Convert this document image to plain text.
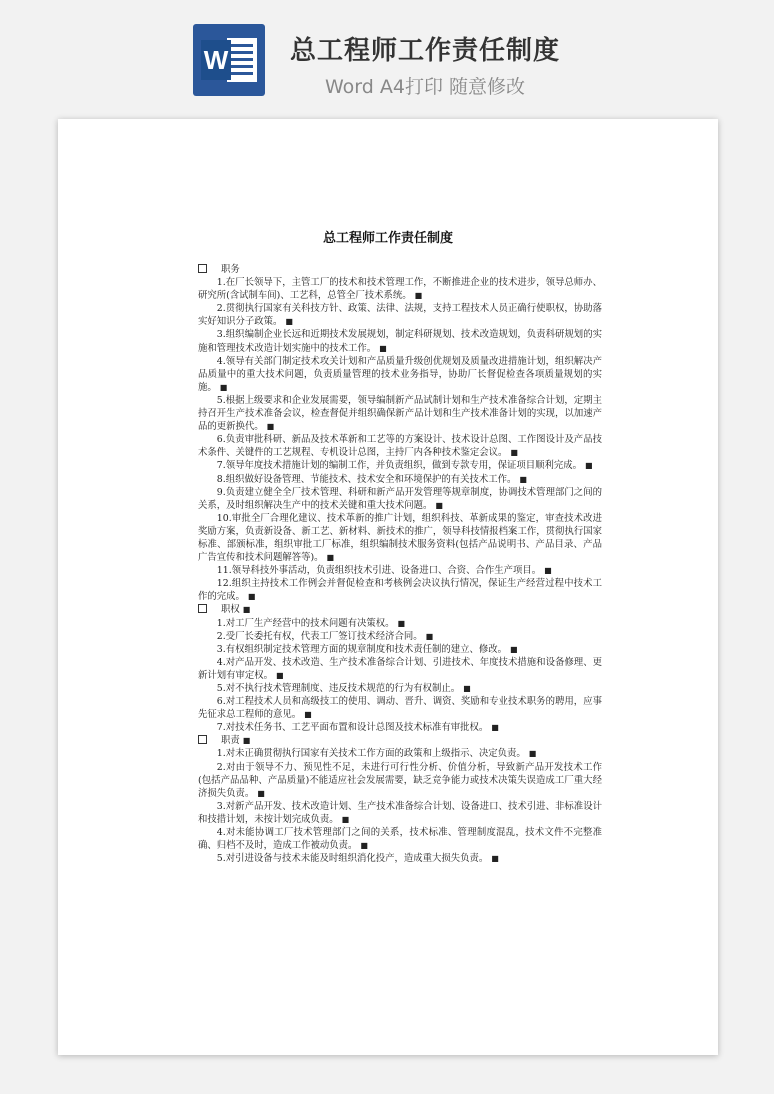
W 总工程师工作责任制度
Word A4打印 随意修改
总工程师工作责任制度
职务
1.在厂长领导下，主管工厂的技术和技术管理工作，不断推进企业的技术进步，领导总师办、研究所(含试制车间)、工艺科，总管全厂技术系统。 ■
2.贯彻执行国家有关科技方针、政策、法律、法规，支持工程技术人员正确行使职权，协助落实好知识分子政策。 ■
3.组织编制企业长远和近期技术发展规划，制定科研规划、技术改造规划，负责科研规划的实施和管理技术改造计划实施中的技术工作。 ■
4.领导有关部门制定技术攻关计划和产品质量升级创优规划及质量改进措施计划，组织解决产品质量中的重大技术问题，负责质量管理的技术业务指导，协助厂长督促检查各项质量规划的实施。 ■
5.根据上级要求和企业发展需要，领导编制新产品试制计划和生产技术准备综合计划，定期主持召开生产技术准备会议，检查督促并组织确保新产品计划和生产技术准备计划的实现，以加速产品的更新换代。 ■
6.负责审批科研、新品及技术革新和工艺等的方案设计、技术设计总图、工作图设计及产品技术条件、关键件的工艺规程、专机设计总图，主持厂内各种技术鉴定会议。 ■
7.领导年度技术措施计划的编制工作，并负责组织，做到专款专用，保证项目顺利完成。 ■
8.组织做好设备管理、节能技术、技术安全和环境保护的有关技术工作。 ■
9.负责建立健全全厂技术管理、科研和新产品开发管理等规章制度，协调技术管理部门之间的关系，及时组织解决生产中的技术关键和重大技术问题。 ■
10.审批全厂合理化建议、技术革新的推广计划，组织科技、革新成果的鉴定，审查技术改进奖励方案，负责新设备、新工艺、新材料、新技术的推广，领导科技情报档案工作，贯彻执行国家标准、部颁标准，组织审批工厂标准，组织编制技术服务资料(包括产品说明书、产品目录、产品广告宣传和技术问题解答等)。 ■
11.领导科技外事活动，负责组织技术引进、设备进口、合资、合作生产项目。 ■
12.组织主持技术工作例会并督促检查和考核例会决议执行情况，保证生产经营过程中技术工作的完成。 ■
职权 ■
1.对工厂生产经营中的技术问题有决策权。 ■
2.受厂长委托有权，代表工厂签订技术经济合同。 ■
3.有权组织制定技术管理方面的规章制度和技术责任制的建立、修改。 ■
4.对产品开发、技术改造、生产技术准备综合计划、引进技术、年度技术措施和设备修理、更新计划有审定权。 ■
5.对不执行技术管理制度、违反技术规范的行为有权制止。 ■
6.对工程技术人员和高级技工的使用、调动、晋升、调资、奖励和专业技术职务的聘用，应事先征求总工程师的意见。 ■
7.对技术任务书、工艺平面布置和设计总图及技术标准有审批权。 ■
职责 ■
1.对未正确贯彻执行国家有关技术工作方面的政策和上级指示、决定负责。 ■
2.对由于领导不力、预见性不足，未进行可行性分析、价值分析，导致新产品开发技术工作(包括产品品种、产品质量)不能适应社会发展需要，缺乏竞争能力或技术决策失误造成工厂重大经济损失负责。 ■
3.对新产品开发、技术改造计划、生产技术准备综合计划、设备进口、技术引进、非标准设计和技措计划，未按计划完成负责。 ■
4.对未能协调工厂技术管理部门之间的关系，技术标准、管理制度混乱，技术文件不完整准确、归档不及时，造成工作被动负责。 ■
5.对引进设备与技术未能及时组织消化投产，造成重大损失负责。 ■
